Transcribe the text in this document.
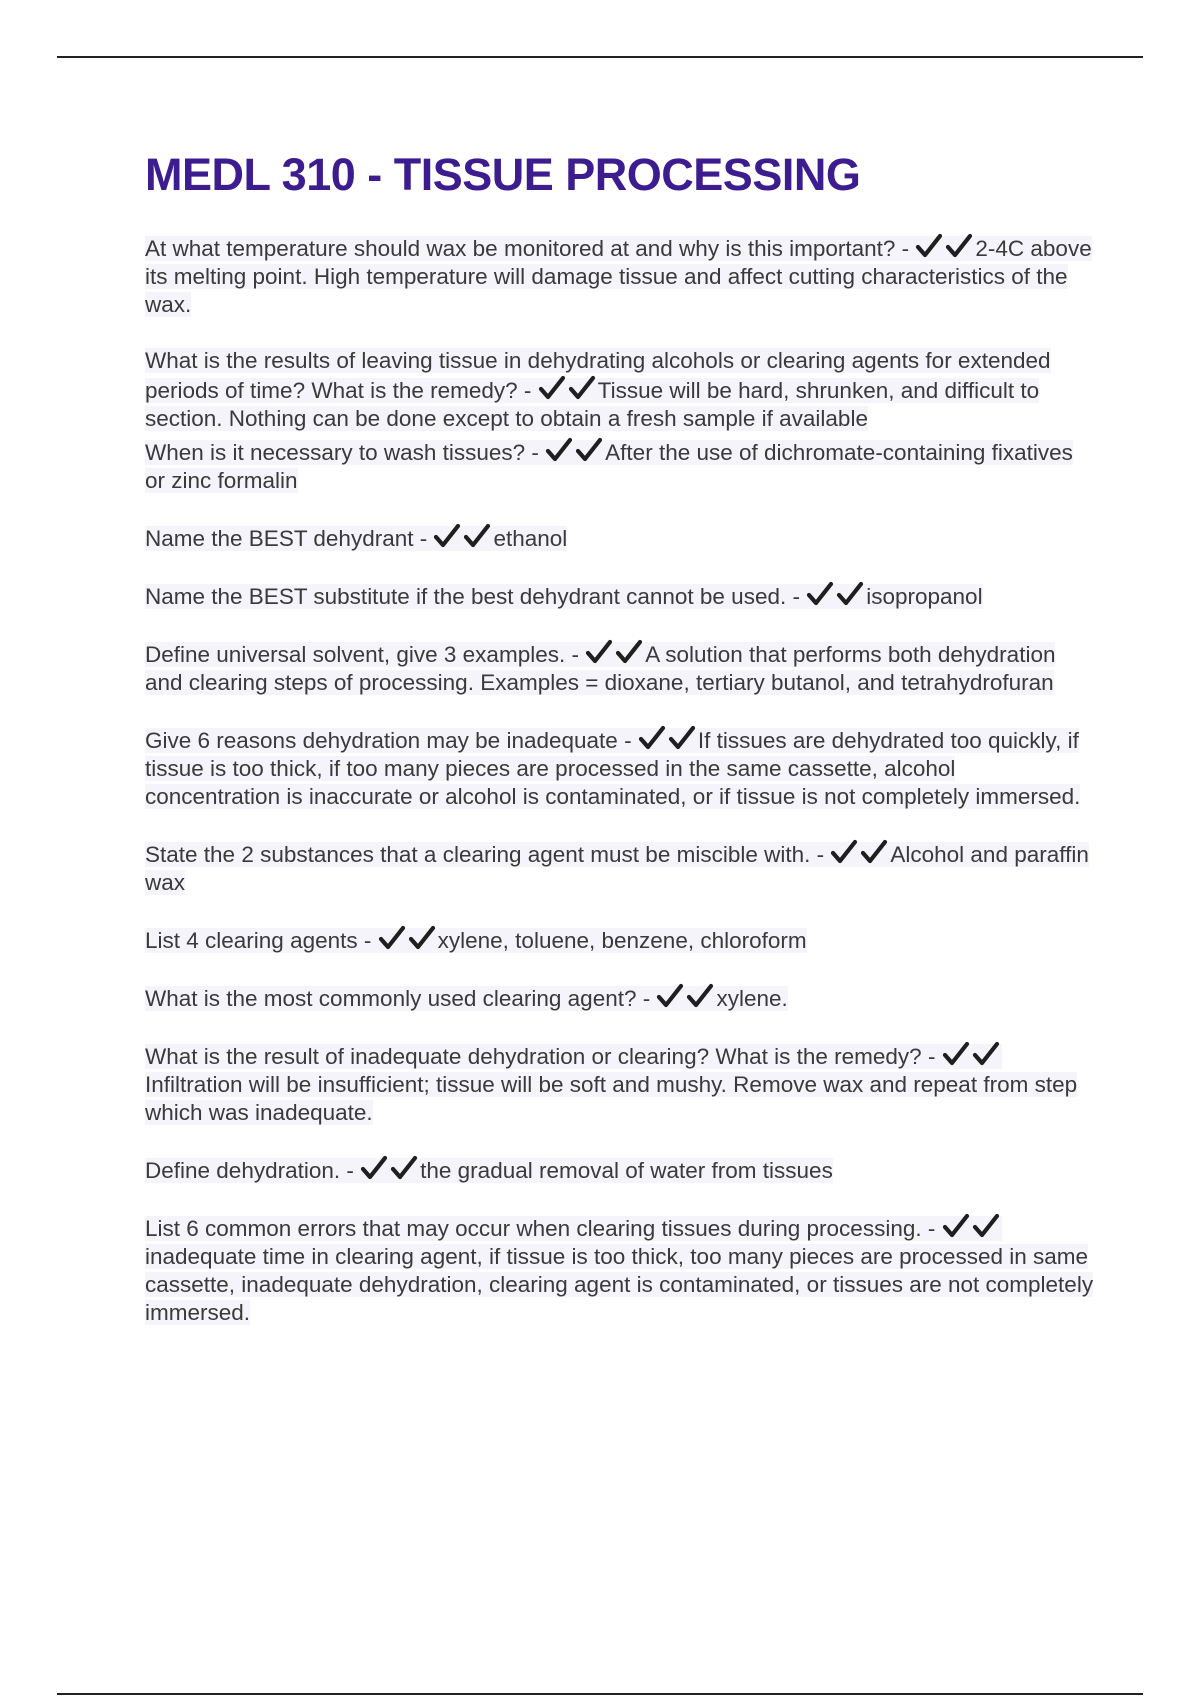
MEDL 310 - TISSUE PROCESSING

At what temperature should wax be monitored at and why is this important? -	2-4C above its melting point. High temperature will damage tissue and affect cutting characteristics of the wax.

What is the results of leaving tissue in dehydrating alcohols or clearing agents for extended periods of time? What is the remedy? -	Tissue will be hard, shrunken, and difficult to section. Nothing can be done except to obtain a fresh sample if available

When is it necessary to wash tissues? -	After the use of dichromate-containing fixatives or zinc formalin

Name the BEST dehydrant -	ethanol

Name the BEST substitute if the best dehydrant cannot be used. -	isopropanol

Define universal solvent, give 3 examples. -	A solution that performs both dehydration and clearing steps of processing. Examples = dioxane, tertiary butanol, and tetrahydrofuran

Give 6 reasons dehydration may be inadequate -	If tissues are dehydrated too quickly, if tissue is too thick, if too many pieces are processed in the same cassette, alcohol concentration is inaccurate or alcohol is contaminated, or if tissue is not completely immersed.

State the 2 substances that a clearing agent must be miscible with. -	Alcohol and paraffin wax

List 4 clearing agents -	xylene, toluene, benzene, chloroform

What is the most commonly used clearing agent? -	xylene.

What is the result of inadequate dehydration or clearing? What is the remedy? -
Infiltration will be insufficient; tissue will be soft and mushy. Remove wax and repeat from step which was inadequate.

Define dehydration. -	the gradual removal of water from tissues

List 6 common errors that may occur when clearing tissues during processing. -
inadequate time in clearing agent, if tissue is too thick, too many pieces are processed in same cassette, inadequate dehydration, clearing agent is contaminated, or tissues are not completely immersed.
